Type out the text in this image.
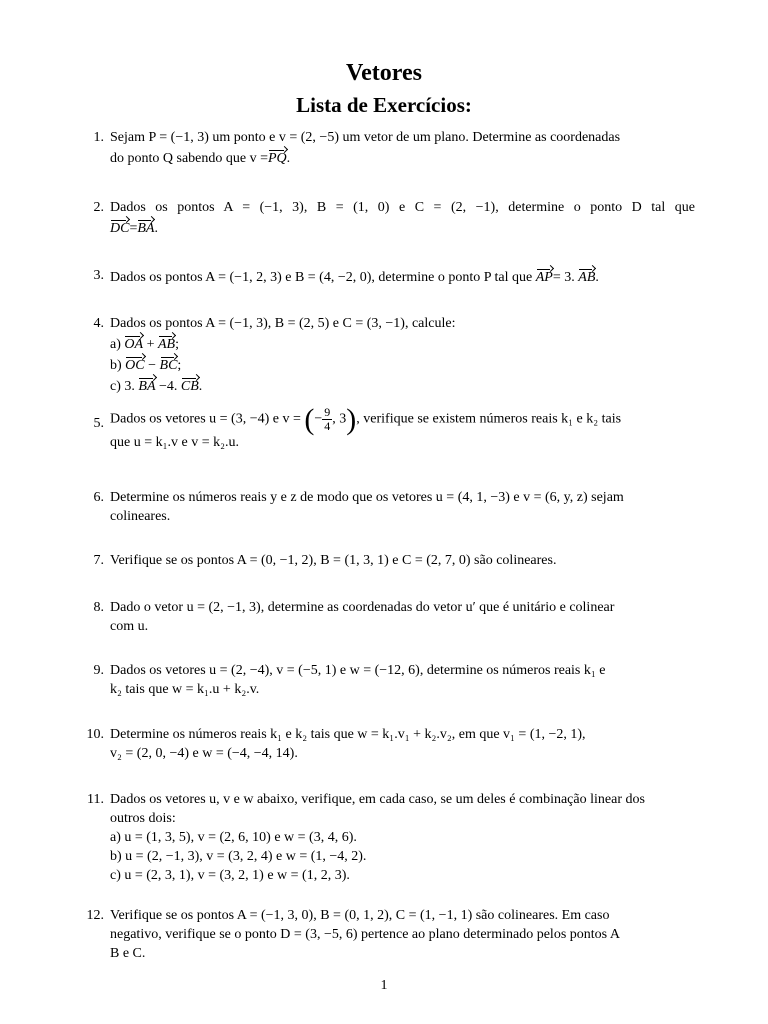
Vetores
Lista de Exercícios:
1. Sejam P = (−1, 3) um ponto e v = (2, −5) um vetor de um plano. Determine as coordenadas
do ponto Q sabendo que v =PQ.
2. Dados os pontos A = (−1, 3), B = (1, 0) e C = (2, −1), determine o ponto D tal que
DC=BA.
3. Dados os pontos A = (−1, 2, 3) e B = (4, −2, 0), determine o ponto P tal que AP= 3. AB.
4. Dados os pontos A = (−1, 3), B = (2, 5) e C = (3, −1), calcule:
a) OA + AB;
b) OC − BC;
c) 3. BA −4. CB.
5. Dados os vetores u = (3, −4) e v = (− $\frac{9}{4}$ , 3), verifique se existem números reais k₁ e k₂ tais
que u = k₁.v e v = k₂.u.
6. Determine os números reais y e z de modo que os vetores u = (4, 1, −3) e v = (6, y, z) sejam
colineares.
7. Verifique se os pontos A = (0, −1, 2), B = (1, 3, 1) e C = (2, 7, 0) são colineares.
8. Dado o vetor u = (2, −1, 3), determine as coordenadas do vetor u′ que é unitário e colinear
com u.
9. Dados os vetores u = (2, −4), v = (−5, 1) e w = (−12, 6), determine os números reais k₁ e
k₂ tais que w = k₁.u + k₂.v.
10. Determine os números reais k₁ e k₂ tais que w = k₁.v₁ + k₂.v₂, em que v₁ = (1, −2, 1),
v₂ = (2, 0, −4) e w = (−4, −4, 14).
11. Dados os vetores u, v e w abaixo, verifique, em cada caso, se um deles é combinação linear dos
outros dois:
a) u = (1, 3, 5), v = (2, 6, 10) e w = (3, 4, 6).
b) u = (2, −1, 3), v = (3, 2, 4) e w = (1, −4, 2).
c) u = (2, 3, 1), v = (3, 2, 1) e w = (1, 2, 3).
12. Verifique se os pontos A = (−1, 3, 0), B = (0, 1, 2), C = (1, −1, 1) são colineares. Em caso
negativo, verifique se o ponto D = (3, −5, 6) pertence ao plano determinado pelos pontos A
B e C.
1
